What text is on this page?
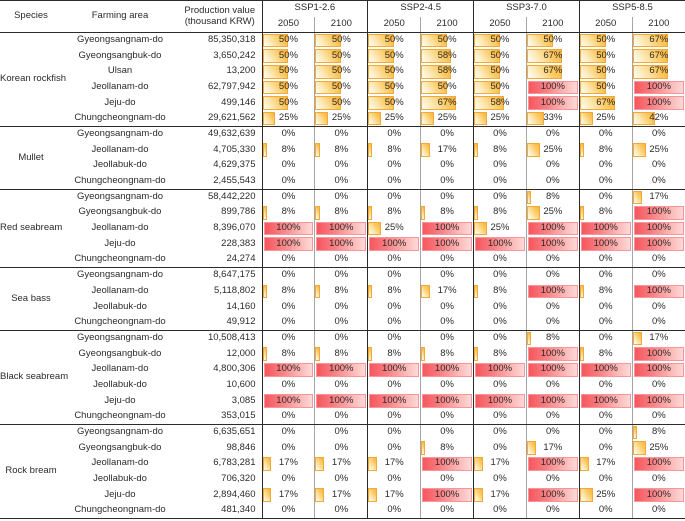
Species	Farming area	Production value
(thousand KRW)	SSP1-2.6		SSP2-4.5		SSP3-7.0		SSP5-8.5	
			2050	2100	2050	2100	2050	2100	2050	2100
Korean rockfish	Gyeongsangnam-do	85,350,318	50%	50%	50%	50%	50%	50%	50%	67%
	Gyeongsangbuk-do	3,650,242	50%	50%	50%	58%	50%	67%	50%	67%
	Ulsan	13,200	50%	50%	50%	58%	50%	67%	50%	67%
	Jeollanam-do	62,797,942	50%	50%	50%	50%	50%	100%	50%	100%
	Jeju-do	499,146	50%	50%	50%	67%	58%	100%	67%	100%
	Chungcheongnam-do	29,621,562	25%	25%	25%	25%	25%	33%	25%	42%
Mullet	Gyeongsangnam-do	49,632,639	0%	0%	0%	0%	0%	0%	0%	0%
	Jeollanam-do	4,705,330	8%	8%	8%	17%	8%	25%	8%	25%
	Jeollabuk-do	4,629,375	0%	0%	0%	0%	0%	0%	0%	0%
	Chungcheongnam-do	2,455,543	0%	0%	0%	0%	0%	0%	0%	0%
Red seabream	Gyeongsangnam-do	58,442,220	0%	0%	0%	0%	0%	8%	0%	17%
	Gyeongsangbuk-do	899,786	8%	8%	8%	8%	8%	25%	8%	100%
	Jeollanam-do	8,396,070	100%	100%	25%	100%	25%	100%	100%	100%
	Jeju-do	228,383	100%	100%	100%	100%	100%	100%	100%	100%
	Chungcheongnam-do	24,274	0%	0%	0%	0%	0%	0%	0%	0%
Sea bass	Gyeongsangnam-do	8,647,175	0%	0%	0%	0%	0%	0%	0%	0%
	Jeollanam-do	5,118,802	8%	8%	8%	17%	8%	100%	8%	100%
	Jeollabuk-do	14,160	0%	0%	0%	0%	0%	0%	0%	0%
	Chungcheongnam-do	49,912	0%	0%	0%	0%	0%	0%	0%	0%
Black seabream	Gyeongsangnam-do	10,508,413	0%	0%	0%	0%	0%	8%	0%	17%
	Gyeongsangbuk-do	12,000	8%	8%	8%	8%	8%	100%	8%	100%
	Jeollanam-do	4,800,306	100%	100%	100%	100%	100%	100%	100%	100%
	Jeollabuk-do	10,600	0%	0%	0%	0%	0%	0%	0%	0%
	Jeju-do	3,085	100%	100%	100%	100%	100%	100%	100%	100%
	Chungcheongnam-do	353,015	0%	0%	0%	0%	0%	0%	0%	0%
Rock bream	Gyeongsangnam-do	6,635,651	0%	0%	0%	0%	0%	0%	0%	8%
	Gyeongsangbuk-do	98,846	0%	0%	0%	8%	0%	17%	0%	25%
	Jeollanam-do	6,783,281	17%	17%	17%	100%	17%	100%	17%	100%
	Jeollabuk-do	706,320	0%	0%	0%	0%	0%	0%	0%	0%
	Jeju-do	2,894,460	17%	17%	17%	100%	17%	100%	25%	100%
	Chungcheongnam-do	481,340	0%	0%	0%	0%	0%	0%	0%	0%
